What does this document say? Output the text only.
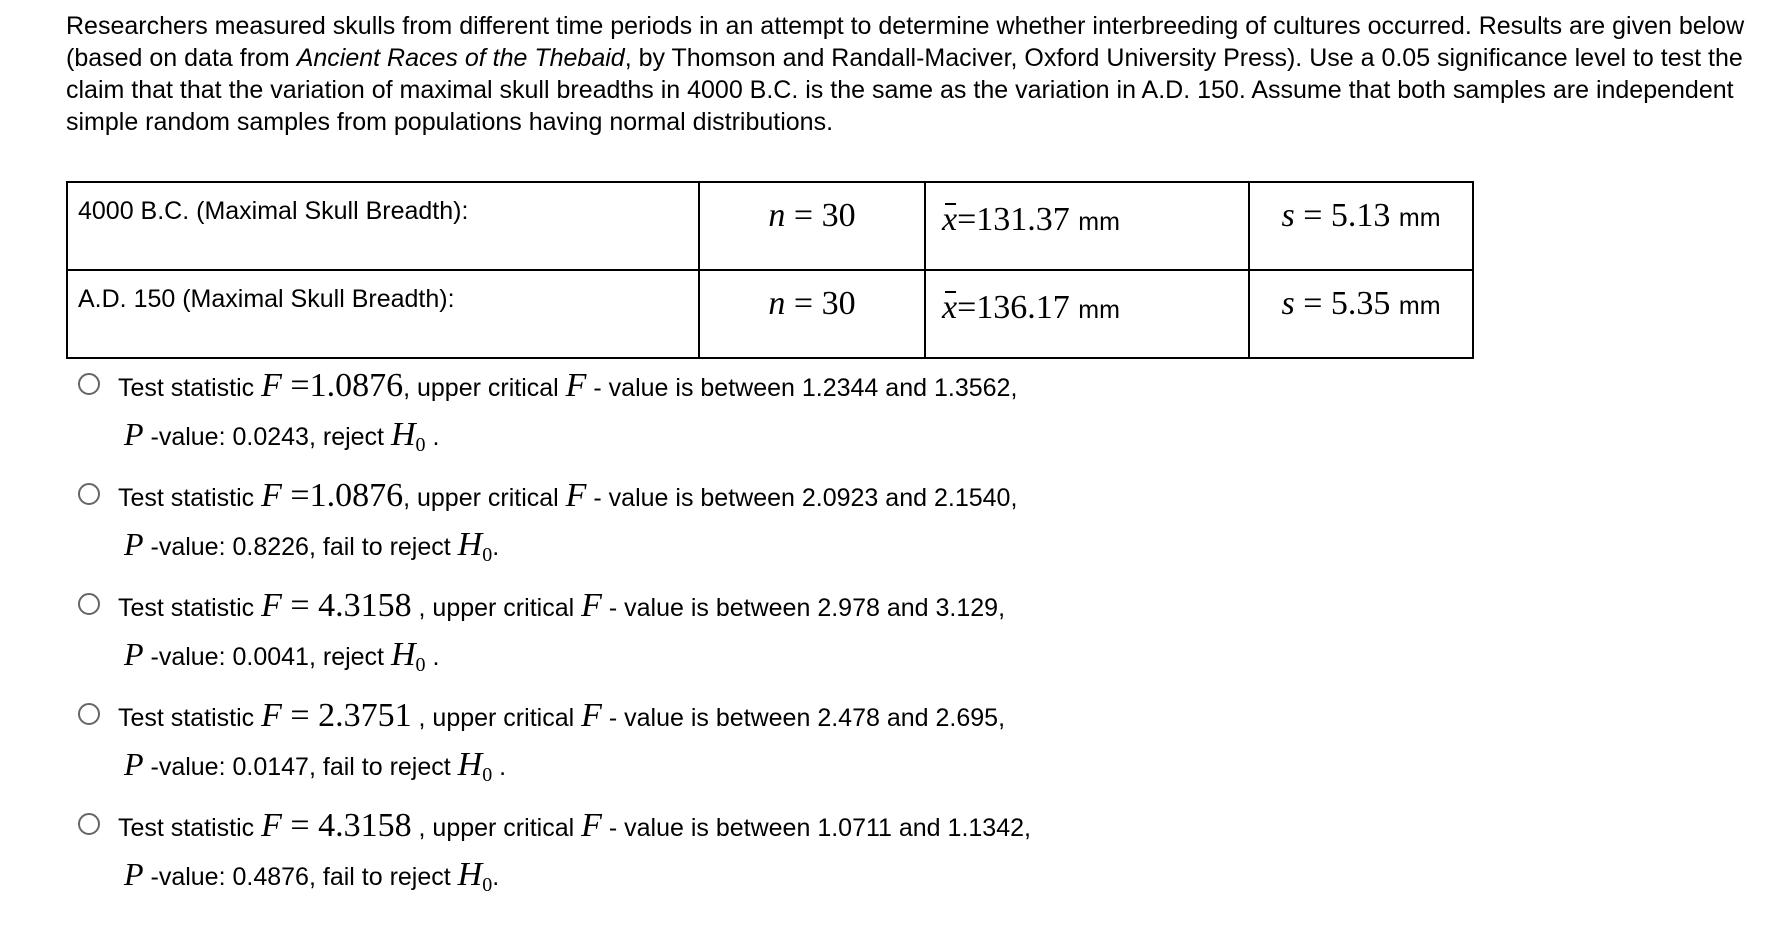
Researchers measured skulls from different time periods in an attempt to determine whether interbreeding of cultures occurred. Results are given below (based on data from Ancient Races of the Thebaid, by Thomson and Randall-Maciver, Oxford University Press). Use a 0.05 significance level to test the claim that that the variation of maximal skull breadths in 4000 B.C. is the same as the variation in A.D. 150. Assume that both samples are independent simple random samples from populations having normal distributions.
4000 B.C. (Maximal Skull Breadth):	n = 30	x=131.37 mm	s = 5.13 mm

A.D. 150 (Maximal Skull Breadth):	n = 30	x=136.17 mm	s = 5.35 mm
Test statistic F =1.0876, upper critical F - value is between 1.2344 and 1.3562,
P -value: 0.0243, reject H0 .
Test statistic F =1.0876, upper critical F - value is between 2.0923 and 2.1540,
P -value: 0.8226, fail to reject H0.
Test statistic F = 4.3158 , upper critical F - value is between 2.978 and 3.129,
P -value: 0.0041, reject H0 .
Test statistic F = 2.3751 , upper critical F - value is between 2.478 and 2.695,
P -value: 0.0147, fail to reject H0 .
Test statistic F = 4.3158 , upper critical F - value is between 1.0711 and 1.1342,
P -value: 0.4876, fail to reject H0.
